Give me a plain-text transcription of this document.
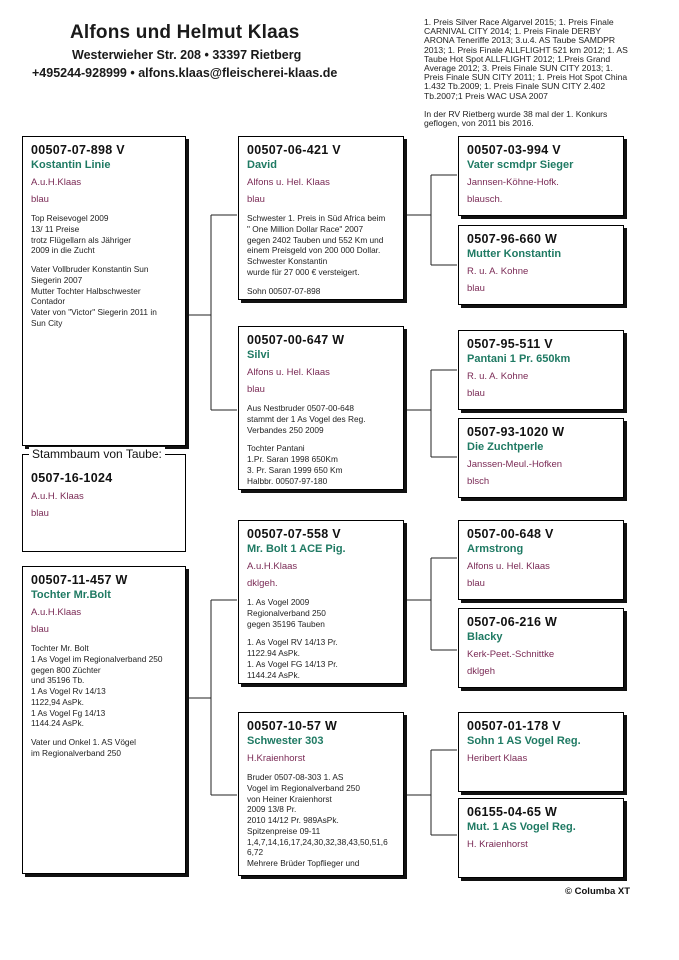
Alfons und Helmut Klaas
Westerwieher Str. 208 • 33397 Rietberg
+495244-928999 • alfons.klaas@fleischerei-klaas.de
1. Preis Silver Race Algarvel 2015; 1. Preis Finale
CARNIVAL CITY 2014; 1. Preis Finale DERBY
ARONA Teneriffe 2013; 3.u.4. AS Taube SAMDPR
2013; 1. Preis Finale ALLFLIGHT 521 km 2012; 1. AS
Taube Hot Spot ALLFLIGHT 2012; 1.Preis Grand
Average 2012; 3. Preis Finale SUN CITY 2013; 1.
Preis Finale SUN CITY 2011; 1. Preis Hot Spot China
1.432 Tb.2009; 1. Preis Finale SUN CITY 2.402
Tb.2007;1 Preis WAC USA 2007
In der RV Rietberg wurde 38 mal der 1. Konkurs
geflogen, von 2011 bis 2016.
00507-07-898 V
Kostantin Linie
A.u.H.Klaas
blau
Top Reisevogel 2009
13/ 11 Preise
trotz Flügellarn als Jähriger
2009 in die Zucht
Vater Vollbruder Konstantin Sun
Siegerin 2007
Mutter Tochter Halbschwester
Contador
Vater von "Victor" Siegerin 2011 in
Sun City
Stammbaum von Taube:
0507-16-1024
A.u.H. Klaas
blau
00507-11-457 W
Tochter Mr.Bolt
A.u.H.Klaas
blau
Tochter Mr. Bolt
1 As Vogel im Regionalverband 250
gegen 800 Züchter
und 35196 Tb.
1 As Vogel Rv 14/13
1122,94 AsPk.
1 As Vogel Fg 14/13
1144.24 AsPk.
Vater und Onkel 1. AS Vögel
im Regionalverband 250
00507-06-421 V
David
Alfons u. Hel. Klaas
blau
Schwester 1. Preis in Süd Africa beim
" One Million Dollar Race" 2007
gegen 2402 Tauben und 552 Km und
einem Preisgeld von 200 000 Dollar.
Schwester Konstantin
wurde für 27 000 € versteigert.
Sohn 00507-07-898
00507-00-647 W
Silvi
Alfons u. Hel. Klaas
blau
Aus Nestbruder 0507-00-648
stammt der 1 As Vogel des Reg.
Verbandes 250 2009
Tochter Pantani
1.Pr. Saran 1998 650Km
3. Pr. Saran 1999 650 Km
Halbbr. 00507-97-180
00507-07-558 V
Mr. Bolt 1 ACE Pig.
A.u.H.Klaas
dklgeh.
1. As Vogel 2009
Regionalverband 250
gegen 35196 Tauben
1. As Vogel RV 14/13 Pr.
1122.94 AsPk.
1. As Vogel FG 14/13 Pr.
1144.24 AsPk.
00507-10-57 W
Schwester 303
H.Kraienhorst
Bruder 0507-08-303 1. AS
Vogel im Regionalverband 250
von Heiner Kraienhorst
2009 13/8 Pr.
2010 14/12 Pr. 989AsPk.
Spitzenpreise 09-11
1,4,7,14,16,17,24,30,32,38,43,50,51,6
6,72
Mehrere Brüder Topflieger und
00507-03-994 V
Vater scmdpr Sieger
Jannsen-Köhne-Hofk.
blausch.
0507-96-660 W
Mutter Konstantin
R. u. A. Kohne
blau
0507-95-511 V
Pantani 1 Pr. 650km
R. u. A. Kohne
blau
0507-93-1020 W
Die Zuchtperle
Janssen-Meul.-Hofken
blsch
0507-00-648 V
Armstrong
Alfons u. Hel. Klaas
blau
0507-06-216 W
Blacky
Kerk-Peet.-Schnittke
dklgeh
00507-01-178 V
Sohn 1 AS Vogel Reg.
Heribert Klaas
06155-04-65 W
Mut. 1 AS Vogel Reg.
H. Kraienhorst
© Columba XT
